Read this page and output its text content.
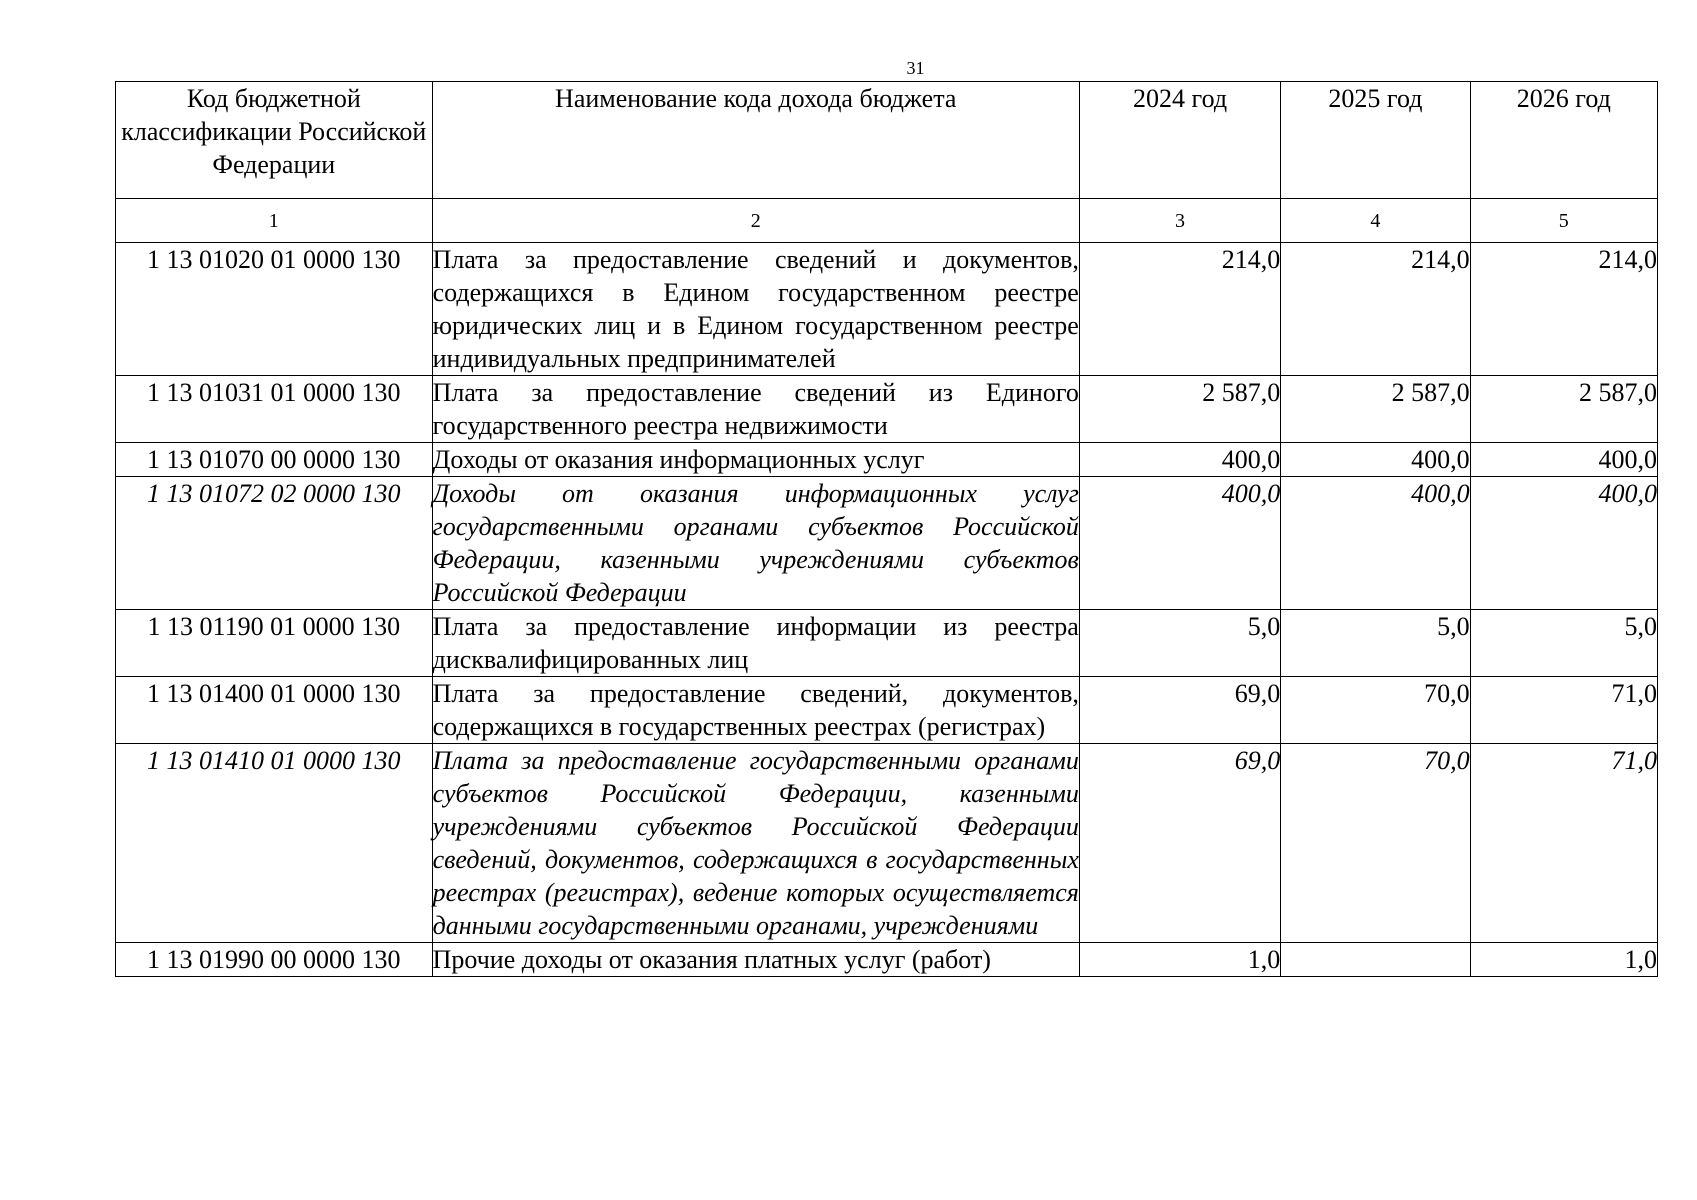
31
Код бюджетной классификации Российской Федерации	Наименование кода дохода бюджета	2024 год	2025 год	2026 год
1	2	3	4	5
1 13 01020 01 0000 130	Плата за предоставление сведений и документов, содержащихся в Едином государственном реестре юридических лиц и в Едином государственном реестре индивидуальных предпринимателей	214,0	214,0	214,0
1 13 01031 01 0000 130	Плата за предоставление сведений из Единого государственного реестра недвижимости	2 587,0	2 587,0	2 587,0
1 13 01070 00 0000 130	Доходы от оказания информационных услуг	400,0	400,0	400,0
1 13 01072 02 0000 130	Доходы от оказания информационных услуг государственными органами субъектов Российской Федерации, казенными учреждениями субъектов Российской Федерации	400,0	400,0	400,0
1 13 01190 01 0000 130	Плата за предоставление информации из реестра дисквалифицированных лиц	5,0	5,0	5,0
1 13 01400 01 0000 130	Плата за предоставление сведений, документов, содержащихся в государственных реестрах (регистрах)	69,0	70,0	71,0
1 13 01410 01 0000 130	Плата за предоставление государственными органами субъектов Российской Федерации, казенными учреждениями субъектов Российской Федерации сведений, документов, содержащихся в государственных реестрах (регистрах), ведение которых осуществляется данными государственными органами, учреждениями	69,0	70,0	71,0
1 13 01990 00 0000 130	Прочие доходы от оказания платных услуг (работ)	1,0		1,0
